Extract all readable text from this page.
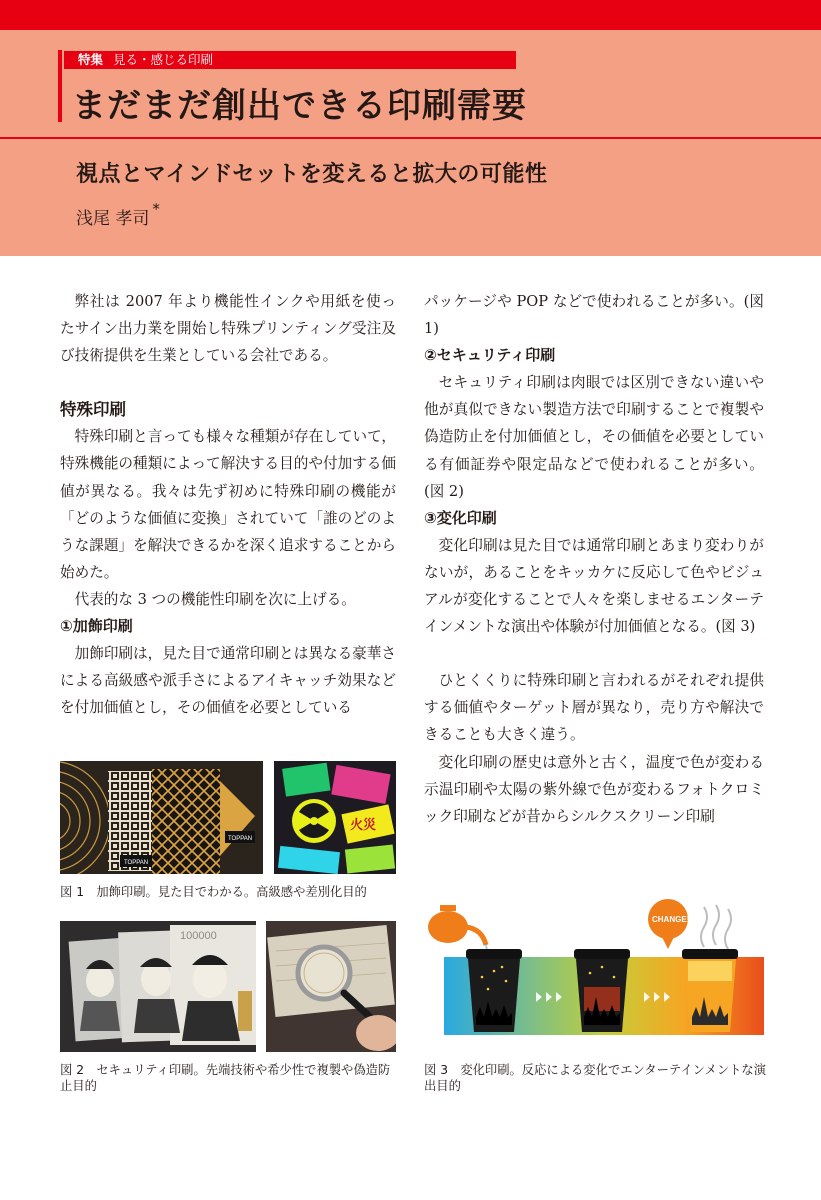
特集 見る・感じる印刷
まだまだ創出できる印刷需要
視点とマインドセットを変えると拡大の可能性
浅尾 孝司 *

弊社は 2007 年より機能性インクや用紙を使ったサイン出力業を開始し特殊プリンティング受注及び技術提供を生業としている会社である。

特殊印刷

特殊印刷と言っても様々な種類が存在していて，特殊機能の種類によって解決する目的や付加する価値が異なる。我々は先ず初めに特殊印刷の機能が「どのような価値に変換」されていて「誰のどのような課題」を解決できるかを深く追求することから始めた。

代表的な 3 つの機能性印刷を次に上げる。

①加飾印刷

加飾印刷は，見た目で通常印刷とは異なる豪華さによる高級感や派手さによるアイキャッチ効果などを付加価値とし，その価値を必要としている

パッケージや POP などで使われることが多い。(図 1)

②セキュリティ印刷

セキュリティ印刷は肉眼では区別できない違いや他が真似できない製造方法で印刷することで複製や偽造防止を付加価値とし，その価値を必要としている有価証券や限定品などで使われることが多い。(図 2)

③変化印刷

変化印刷は見た目では通常印刷とあまり変わりがないが，あることをキッカケに反応して色やビジュアルが変化することで人々を楽しませるエンターテインメントな演出や体験が付加価値となる。(図 3)

ひとくくりに特殊印刷と言われるがそれぞれ提供する価値やターゲット層が異なり，売り方や解決できることも大きく違う。

変化印刷の歴史は意外と古く，温度で色が変わる示温印刷や太陽の紫外線で色が変わるフォトクロミック印刷などが昔からシルクスクリーン印刷

TOPPAN
TOPPAN
火災
図 1　加飾印刷。見た目でわかる。高級感や差別化目的
100000
図 2　セキュリティ印刷。先端技術や希少性で複製や偽造防止目的
CHANGE!
図 3　変化印刷。反応による変化でエンターテインメントな演出目的
